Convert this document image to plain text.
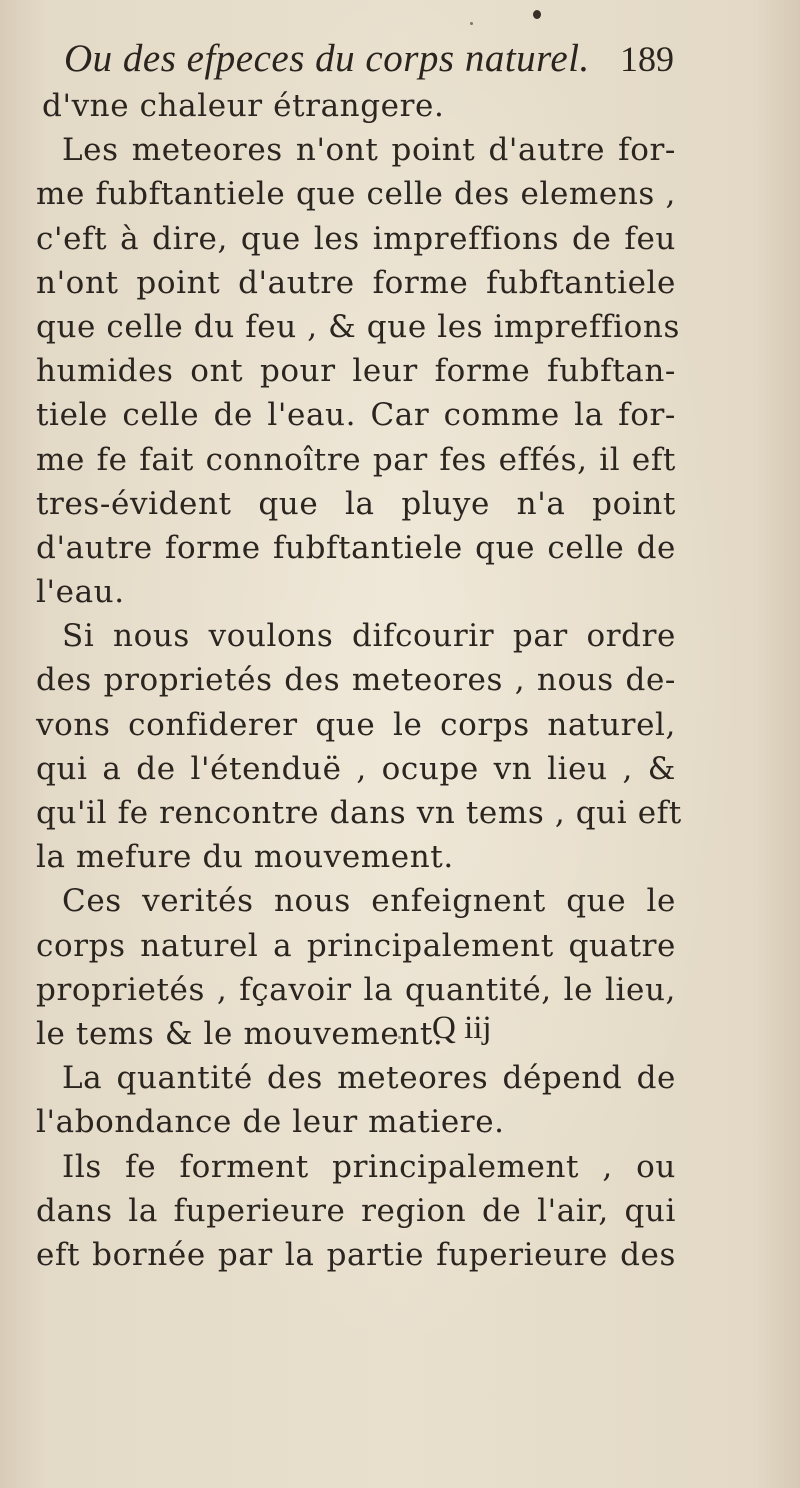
Ou des efpeces du corps naturel. 189
d'vne chaleur étrangere.
Les meteores n'ont point d'autre for-
me fubftantiele que celle des elemens ,
c'eft à dire, que les impreffions de feu
n'ont point d'autre forme fubftantiele
que celle du feu , & que les impreffions
humides ont pour leur forme fubftan-
tiele celle de l'eau. Car comme la for-
me fe fait connoître par fes effés, il eft
tres-évident que la pluye n'a point
d'autre forme fubftantiele que celle de
l'eau.
Si nous voulons difcourir par ordre
des proprietés des meteores , nous de-
vons confiderer que le corps naturel,
qui a de l'étenduë , ocupe vn lieu , &
qu'il fe rencontre dans vn tems , qui eft
la mefure du mouvement.
Ces verités nous enfeignent que le
corps naturel a principalement quatre
proprietés , fçavoir la quantité, le lieu,
le tems & le mouvement.
La quantité des meteores dépend de
l'abondance de leur matiere.
Ils fe forment principalement , ou
dans la fuperieure region de l'air, qui
eft bornée par la partie fuperieure des
Q iij
